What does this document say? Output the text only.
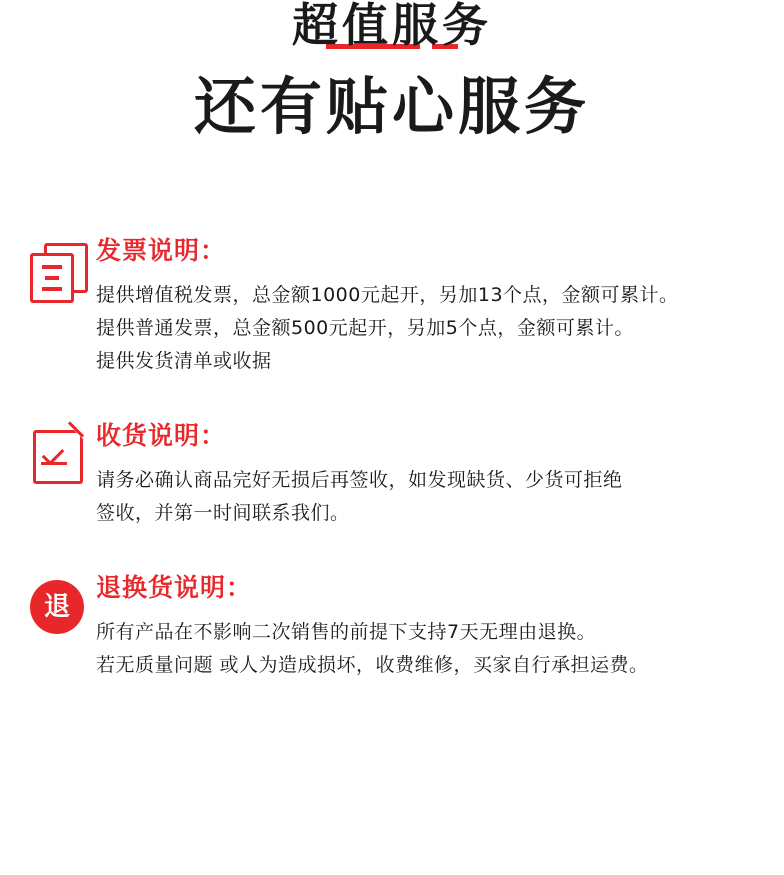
超值服务
还有贴心服务
发票说明：
提供增值税发票，总金额1000元起开，另加13个点，金额可累计。
提供普通发票，总金额500元起开，另加5个点，金额可累计。
提供发货清单或收据
收货说明：
请务必确认商品完好无损后再签收，如发现缺货、少货可拒绝
签收，并第一时间联系我们。
退
退换货说明：
所有产品在不影响二次销售的前提下支持7天无理由退换。
若无质量问题 或人为造成损坏，收费维修，买家自行承担运费。
